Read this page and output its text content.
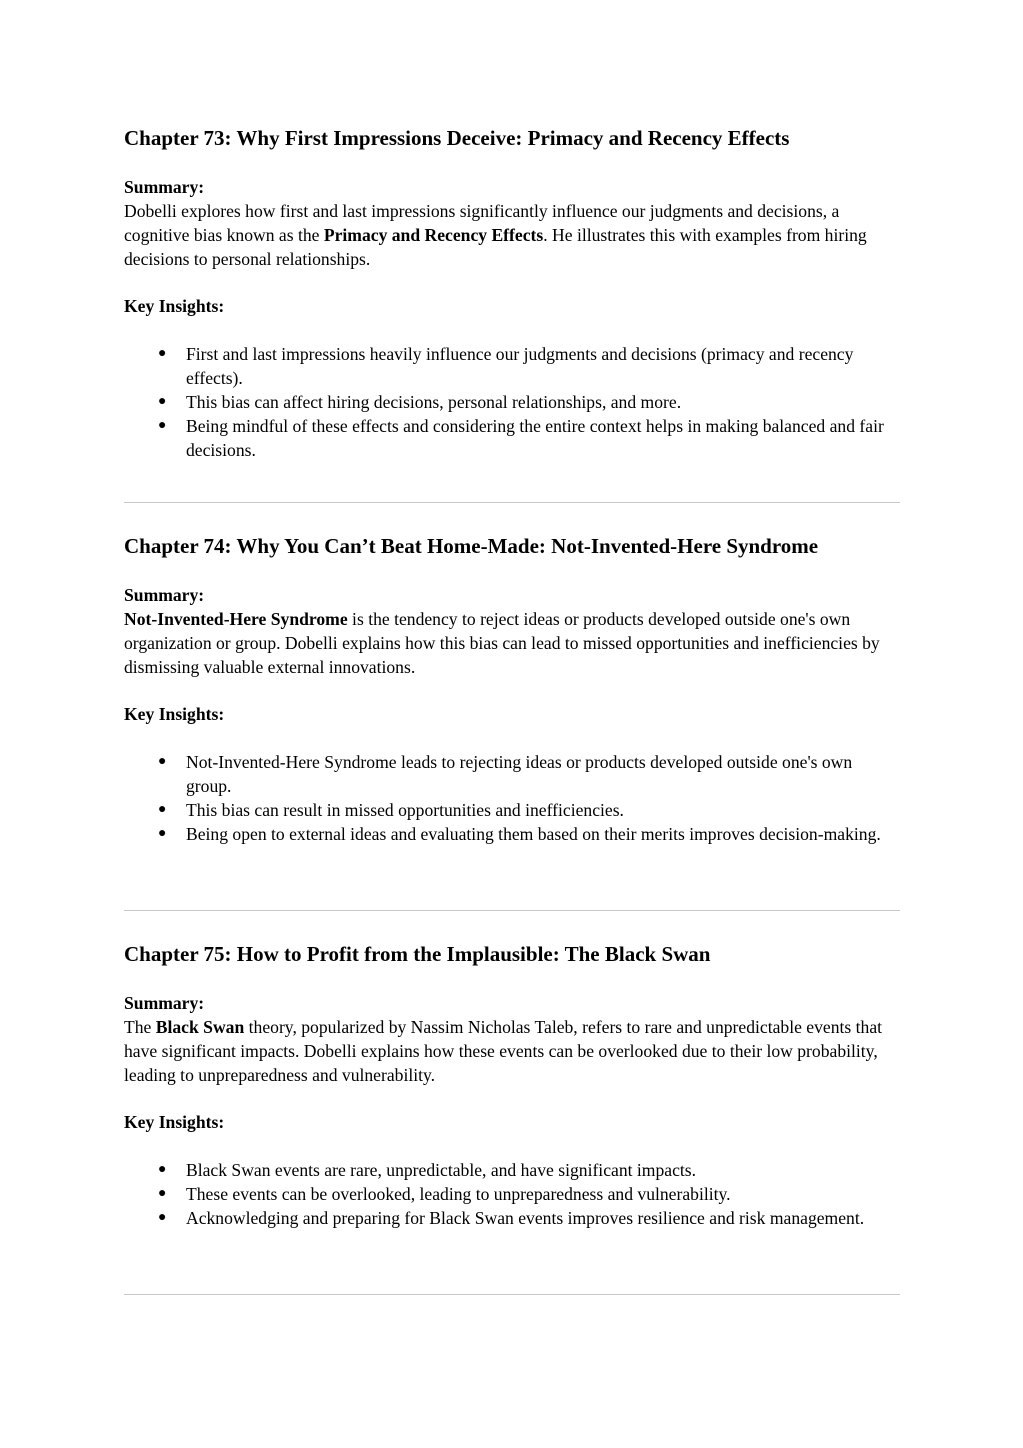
Chapter 73: Why First Impressions Deceive: Primacy and Recency Effects
Summary:

Dobelli explores how first and last impressions significantly influence our judgments and decisions, a cognitive bias known as the Primacy and Recency Effects. He illustrates this with examples from hiring decisions to personal relationships.

Key Insights:
● First and last impressions heavily influence our judgments and decisions (primacy and recency effects).
● This bias can affect hiring decisions, personal relationships, and more.
● Being mindful of these effects and considering the entire context helps in making balanced and fair decisions.
Chapter 74: Why You Can’t Beat Home-Made: Not-Invented-Here Syndrome
Summary:

Not-Invented-Here Syndrome is the tendency to reject ideas or products developed outside one's own organization or group. Dobelli explains how this bias can lead to missed opportunities and inefficiencies by dismissing valuable external innovations.

Key Insights:
● Not-Invented-Here Syndrome leads to rejecting ideas or products developed outside one's own group.
● This bias can result in missed opportunities and inefficiencies.
● Being open to external ideas and evaluating them based on their merits improves decision-making.
Chapter 75: How to Profit from the Implausible: The Black Swan
Summary:

The Black Swan theory, popularized by Nassim Nicholas Taleb, refers to rare and unpredictable events that have significant impacts. Dobelli explains how these events can be overlooked due to their low probability, leading to unpreparedness and vulnerability.

Key Insights:
● Black Swan events are rare, unpredictable, and have significant impacts.
● These events can be overlooked, leading to unpreparedness and vulnerability.
● Acknowledging and preparing for Black Swan events improves resilience and risk management.
